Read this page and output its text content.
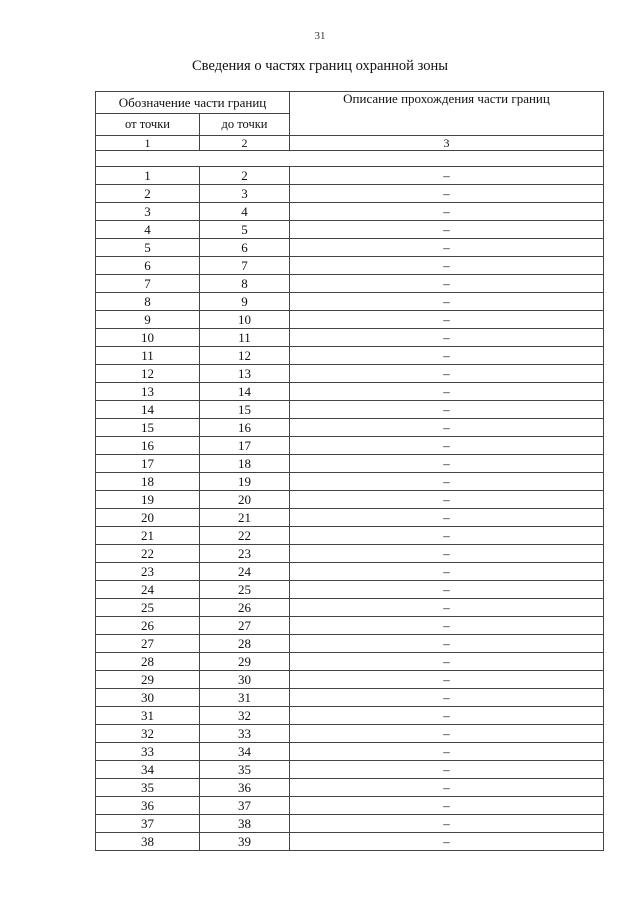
31
Сведения о частях границ охранной зоны
Обозначение части границ		Описание прохождения части границ
от точки	до точки	
1	2	3

1	2	–
2	3	–
3	4	–
4	5	–
5	6	–
6	7	–
7	8	–
8	9	–
9	10	–
10	11	–
11	12	–
12	13	–
13	14	–
14	15	–
15	16	–
16	17	–
17	18	–
18	19	–
19	20	–
20	21	–
21	22	–
22	23	–
23	24	–
24	25	–
25	26	–
26	27	–
27	28	–
28	29	–
29	30	–
30	31	–
31	32	–
32	33	–
33	34	–
34	35	–
35	36	–
36	37	–
37	38	–
38	39	–
